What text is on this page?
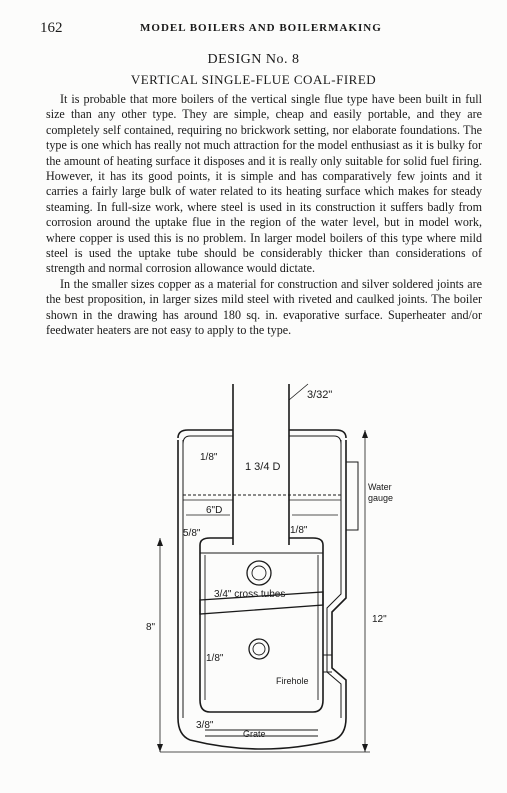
162	MODEL BOILERS AND BOILERMAKING
DESIGN No. 8
VERTICAL SINGLE-FLUE COAL-FIRED

It is probable that more boilers of the vertical single flue type have been built in full size than any other type. They are simple, cheap and easily portable, and they are completely self contained, requiring no brickwork setting, nor elaborate foundations. The type is one which has really not much attraction for the model enthusiast as it is bulky for the amount of heating surface it disposes and it is really only suitable for solid fuel firing. However, it has its good points, it is simple and has comparatively few joints and it carries a fairly large bulk of water related to its heating surface which makes for steady steaming. In full-size work, where steel is used in its construction it suffers badly from corrosion around the uptake flue in the region of the water level, but in model work, where copper is used this is no problem. In larger model boilers of this type where mild steel is used the uptake tube should be considerably thicker than considerations of strength and normal corrosion allowance would dictate.

In the smaller sizes copper as a material for construction and silver soldered joints are the best proposition, in larger sizes mild steel with riveted and caulked joints. The boiler shown in the drawing has around 180 sq. in. evaporative surface. Superheater and/or feedwater heaters are not easy to apply to the type.

3/32"
1/8"
1 3/4 D
Water
gauge
6"D
5/8"	1/8"
3/4" cross tubes
12"
8"
1/8"
Firehole
3/8"
Grate
